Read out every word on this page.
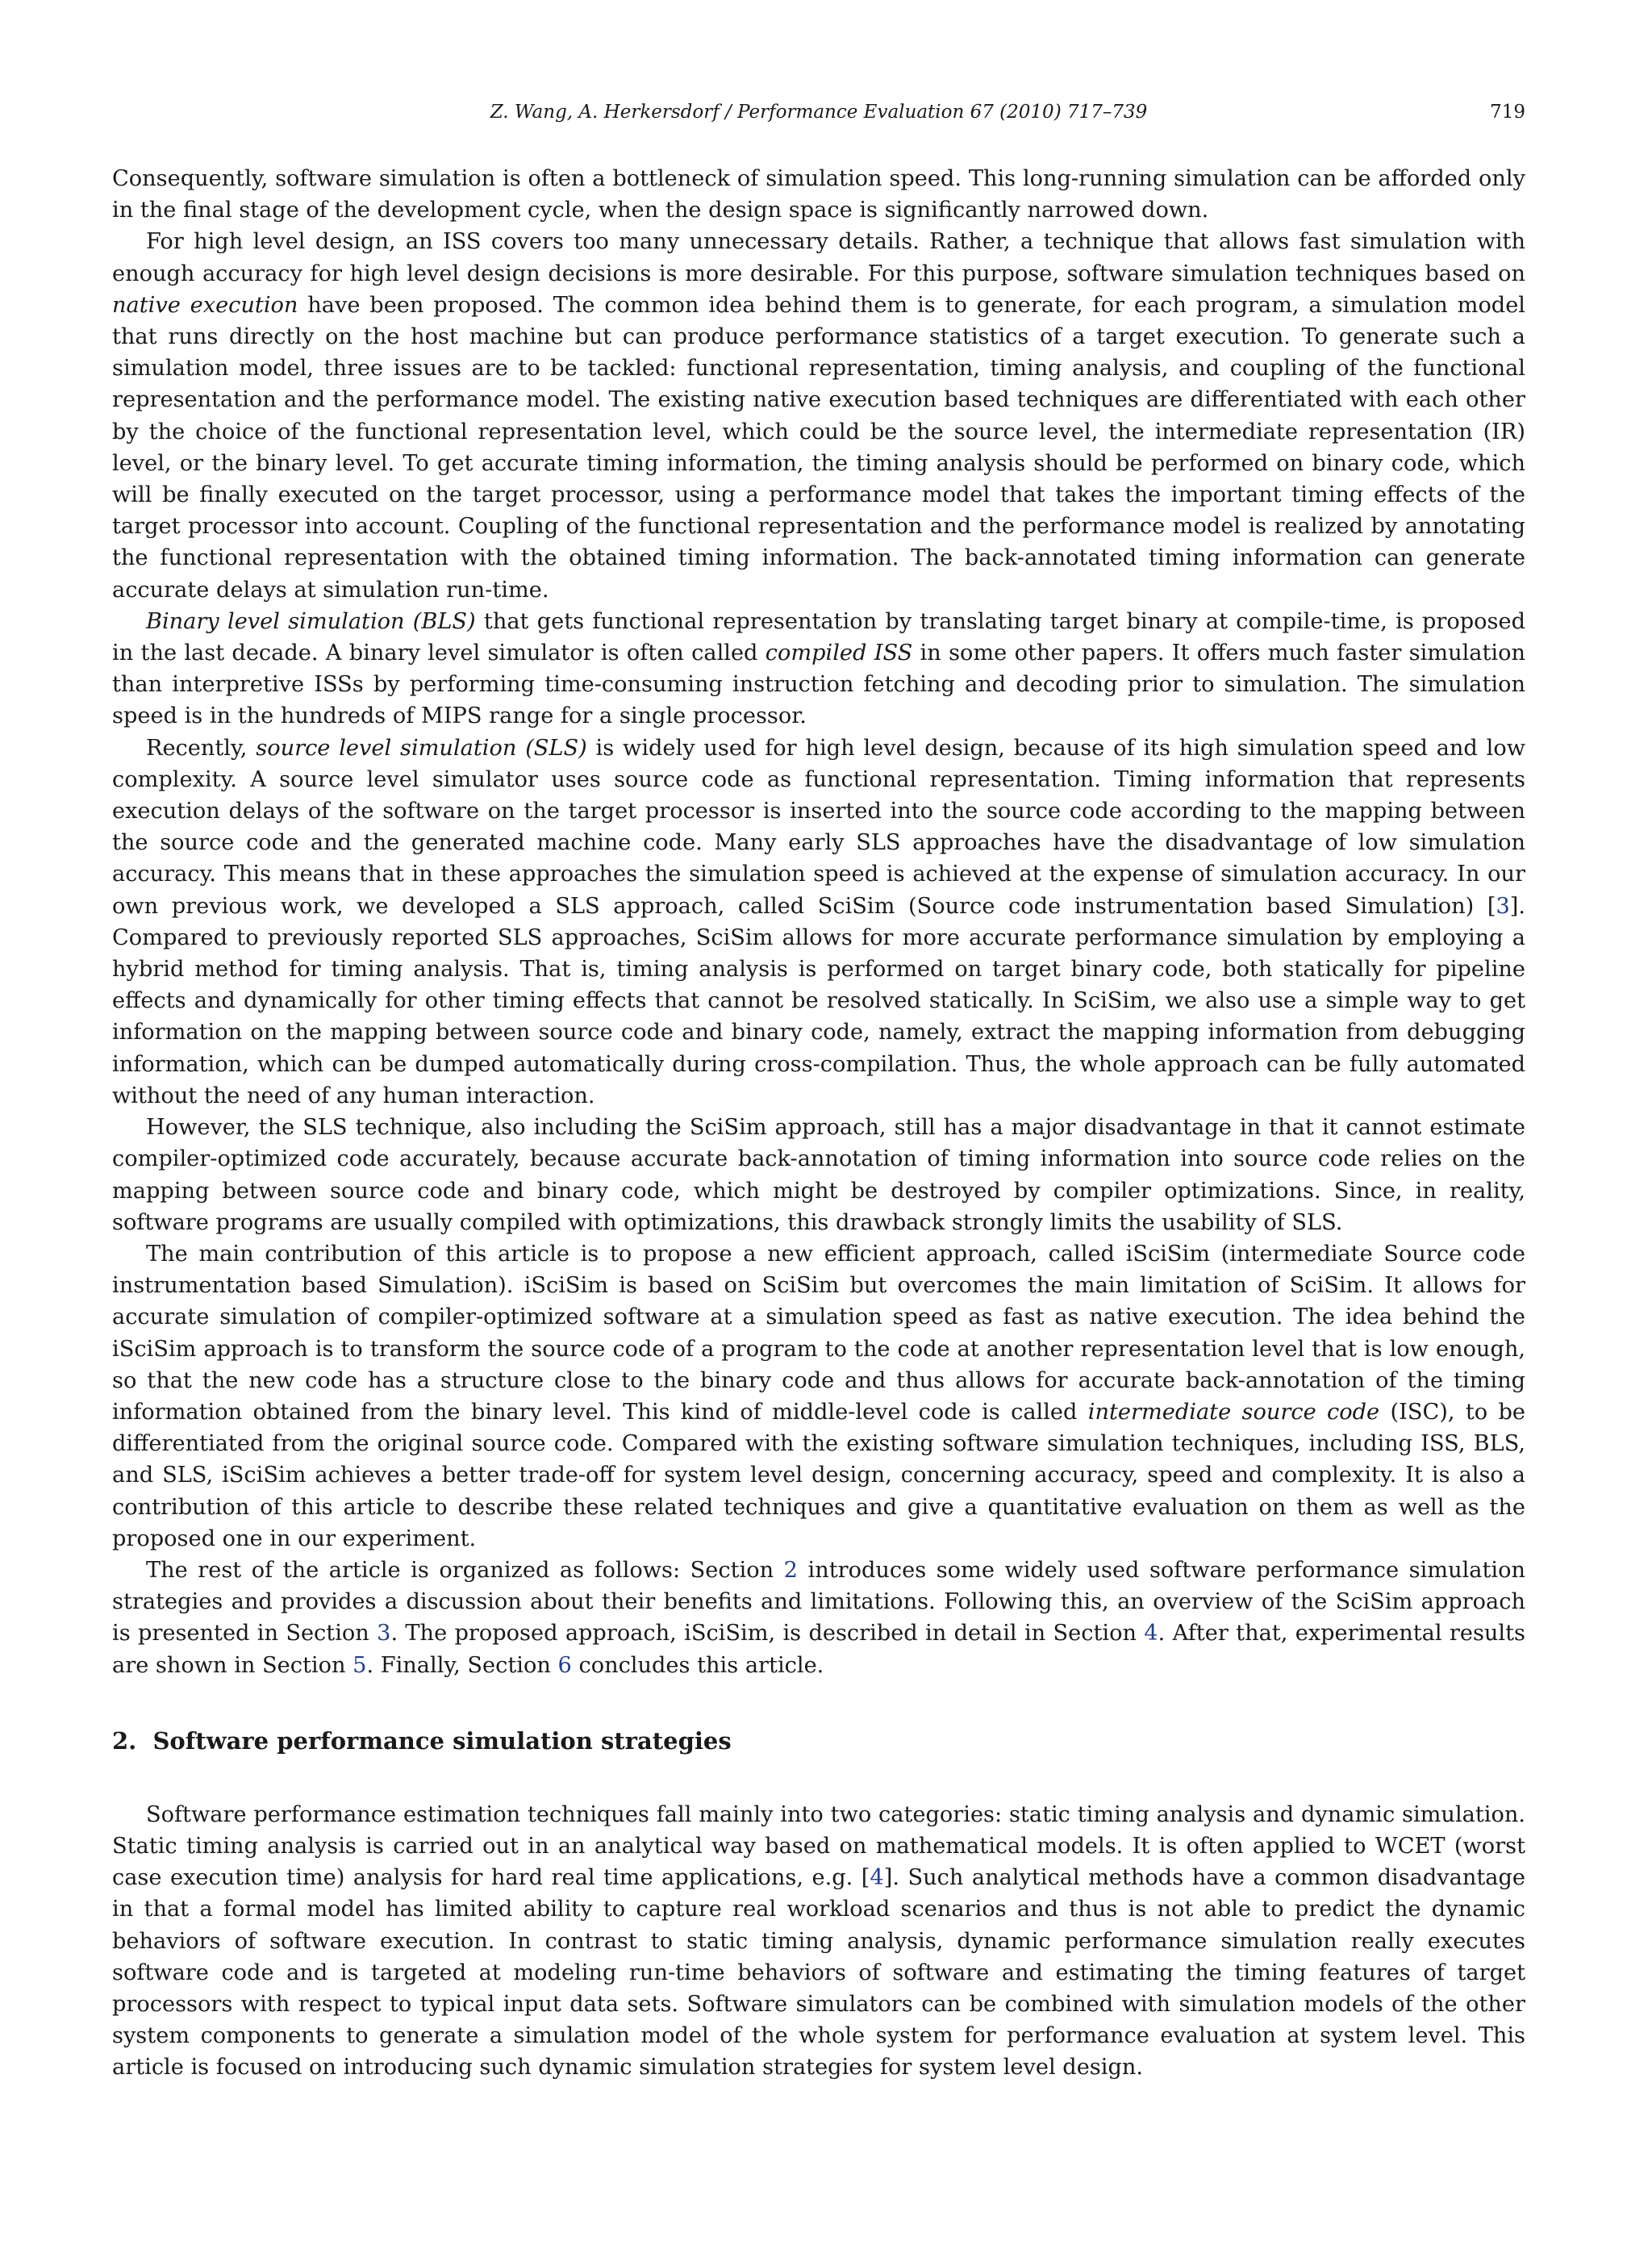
Z. Wang, A. Herkersdorf / Performance Evaluation 67 (2010) 717–739	719

Consequently, software simulation is often a bottleneck of simulation speed. This long-running simulation can be afforded only in the final stage of the development cycle, when the design space is significantly narrowed down.

For high level design, an ISS covers too many unnecessary details. Rather, a technique that allows fast simulation with enough accuracy for high level design decisions is more desirable. For this purpose, software simulation techniques based on native execution have been proposed. The common idea behind them is to generate, for each program, a simulation model that runs directly on the host machine but can produce performance statistics of a target execution. To generate such a simulation model, three issues are to be tackled: functional representation, timing analysis, and coupling of the functional representation and the performance model. The existing native execution based techniques are differentiated with each other by the choice of the functional representation level, which could be the source level, the intermediate representation (IR) level, or the binary level. To get accurate timing information, the timing analysis should be performed on binary code, which will be finally executed on the target processor, using a performance model that takes the important timing effects of the target processor into account. Coupling of the functional representation and the performance model is realized by annotating the functional representation with the obtained timing information. The back-annotated timing information can generate accurate delays at simulation run-time.

Binary level simulation (BLS) that gets functional representation by translating target binary at compile-time, is proposed in the last decade. A binary level simulator is often called compiled ISS in some other papers. It offers much faster simulation than interpretive ISSs by performing time-consuming instruction fetching and decoding prior to simulation. The simulation speed is in the hundreds of MIPS range for a single processor.

Recently, source level simulation (SLS) is widely used for high level design, because of its high simulation speed and low complexity. A source level simulator uses source code as functional representation. Timing information that represents execution delays of the software on the target processor is inserted into the source code according to the mapping between the source code and the generated machine code. Many early SLS approaches have the disadvantage of low simulation accuracy. This means that in these approaches the simulation speed is achieved at the expense of simulation accuracy. In our own previous work, we developed a SLS approach, called SciSim (Source code instrumentation based Simulation) [3]. Compared to previously reported SLS approaches, SciSim allows for more accurate performance simulation by employing a hybrid method for timing analysis. That is, timing analysis is performed on target binary code, both statically for pipeline effects and dynamically for other timing effects that cannot be resolved statically. In SciSim, we also use a simple way to get information on the mapping between source code and binary code, namely, extract the mapping information from debugging information, which can be dumped automatically during cross-compilation. Thus, the whole approach can be fully automated without the need of any human interaction.

However, the SLS technique, also including the SciSim approach, still has a major disadvantage in that it cannot estimate compiler-optimized code accurately, because accurate back-annotation of timing information into source code relies on the mapping between source code and binary code, which might be destroyed by compiler optimizations. Since, in reality, software programs are usually compiled with optimizations, this drawback strongly limits the usability of SLS.

The main contribution of this article is to propose a new efficient approach, called iSciSim (intermediate Source code instrumentation based Simulation). iSciSim is based on SciSim but overcomes the main limitation of SciSim. It allows for accurate simulation of compiler-optimized software at a simulation speed as fast as native execution. The idea behind the iSciSim approach is to transform the source code of a program to the code at another representation level that is low enough, so that the new code has a structure close to the binary code and thus allows for accurate back-annotation of the timing information obtained from the binary level. This kind of middle-level code is called intermediate source code (ISC), to be differentiated from the original source code. Compared with the existing software simulation techniques, including ISS, BLS, and SLS, iSciSim achieves a better trade-off for system level design, concerning accuracy, speed and complexity. It is also a contribution of this article to describe these related techniques and give a quantitative evaluation on them as well as the proposed one in our experiment.

The rest of the article is organized as follows: Section 2 introduces some widely used software performance simulation strategies and provides a discussion about their benefits and limitations. Following this, an overview of the SciSim approach is presented in Section 3. The proposed approach, iSciSim, is described in detail in Section 4. After that, experimental results are shown in Section 5. Finally, Section 6 concludes this article.

2. Software performance simulation strategies

Software performance estimation techniques fall mainly into two categories: static timing analysis and dynamic simulation. Static timing analysis is carried out in an analytical way based on mathematical models. It is often applied to WCET (worst case execution time) analysis for hard real time applications, e.g. [4]. Such analytical methods have a common disadvantage in that a formal model has limited ability to capture real workload scenarios and thus is not able to predict the dynamic behaviors of software execution. In contrast to static timing analysis, dynamic performance simulation really executes software code and is targeted at modeling run-time behaviors of software and estimating the timing features of target processors with respect to typical input data sets. Software simulators can be combined with simulation models of the other system components to generate a simulation model of the whole system for performance evaluation at system level. This article is focused on introducing such dynamic simulation strategies for system level design.
